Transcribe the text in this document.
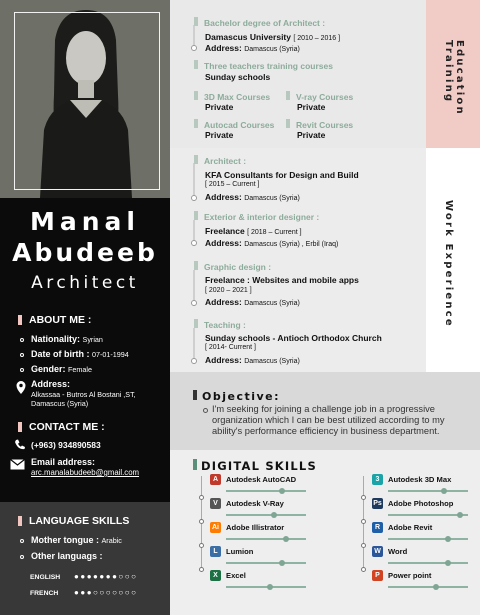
Manal
Abudeeb
Architect
ABOUT ME :
Nationality: Syrian
Date of birth : 07-01-1994
Gender: Female
Address:
Alkassaa - Butros Al Bostani ,ST,
Damascus (Syria)
CONTACT ME :
(+963) 934890583
Email address:
arc.manalabudeeb@gmail.com
LANGUAGE SKILLS
Mother tongue : Arabic
Other languags :
ENGLISH ●●●●●●●○○○
FRENCH ●●●○○○○○○○
Education Training
Work Experience
Bachelor degree of Architect :
Damascus University [ 2010 – 2016 ]
Address: Damascus (Syria)
Three teachers training courses
Sunday schools
3D Max Courses
Private
V-ray Courses
Private
Autocad Courses
Private
Revit Courses
Private
Architect :
KFA Consultants for Design and Build
[ 2015 – Current ]
Address: Damascus (Syria)
Exterior & interior designer :
Freelance [ 2018 – Current ]
Address: Damascus (Syria) , Erbil (Iraq)
Graphic design :
Freelance : Websites and mobile apps
[ 2020 – 2021 ]
Address: Damascus (Syria)
Teaching :
Sunday schools - Antioch Orthodox Church
[ 2014- Current ]
Address: Damascus (Syria)
Objective:
I'm seeking for joining a challenge job in a progressive
organization which I can be best utilized according to my
ability's performance efficiency in business department.
DIGITAL SKILLS
A	Autodesk AutoCAD
V	Autodesk V-Ray
Ai Adobe Illistrator
L	Lumion
X	Excel
3	Autodesk 3D Max
Ps Adobe Photoshop
R	Adobe Revit
W Word
P	Power point
